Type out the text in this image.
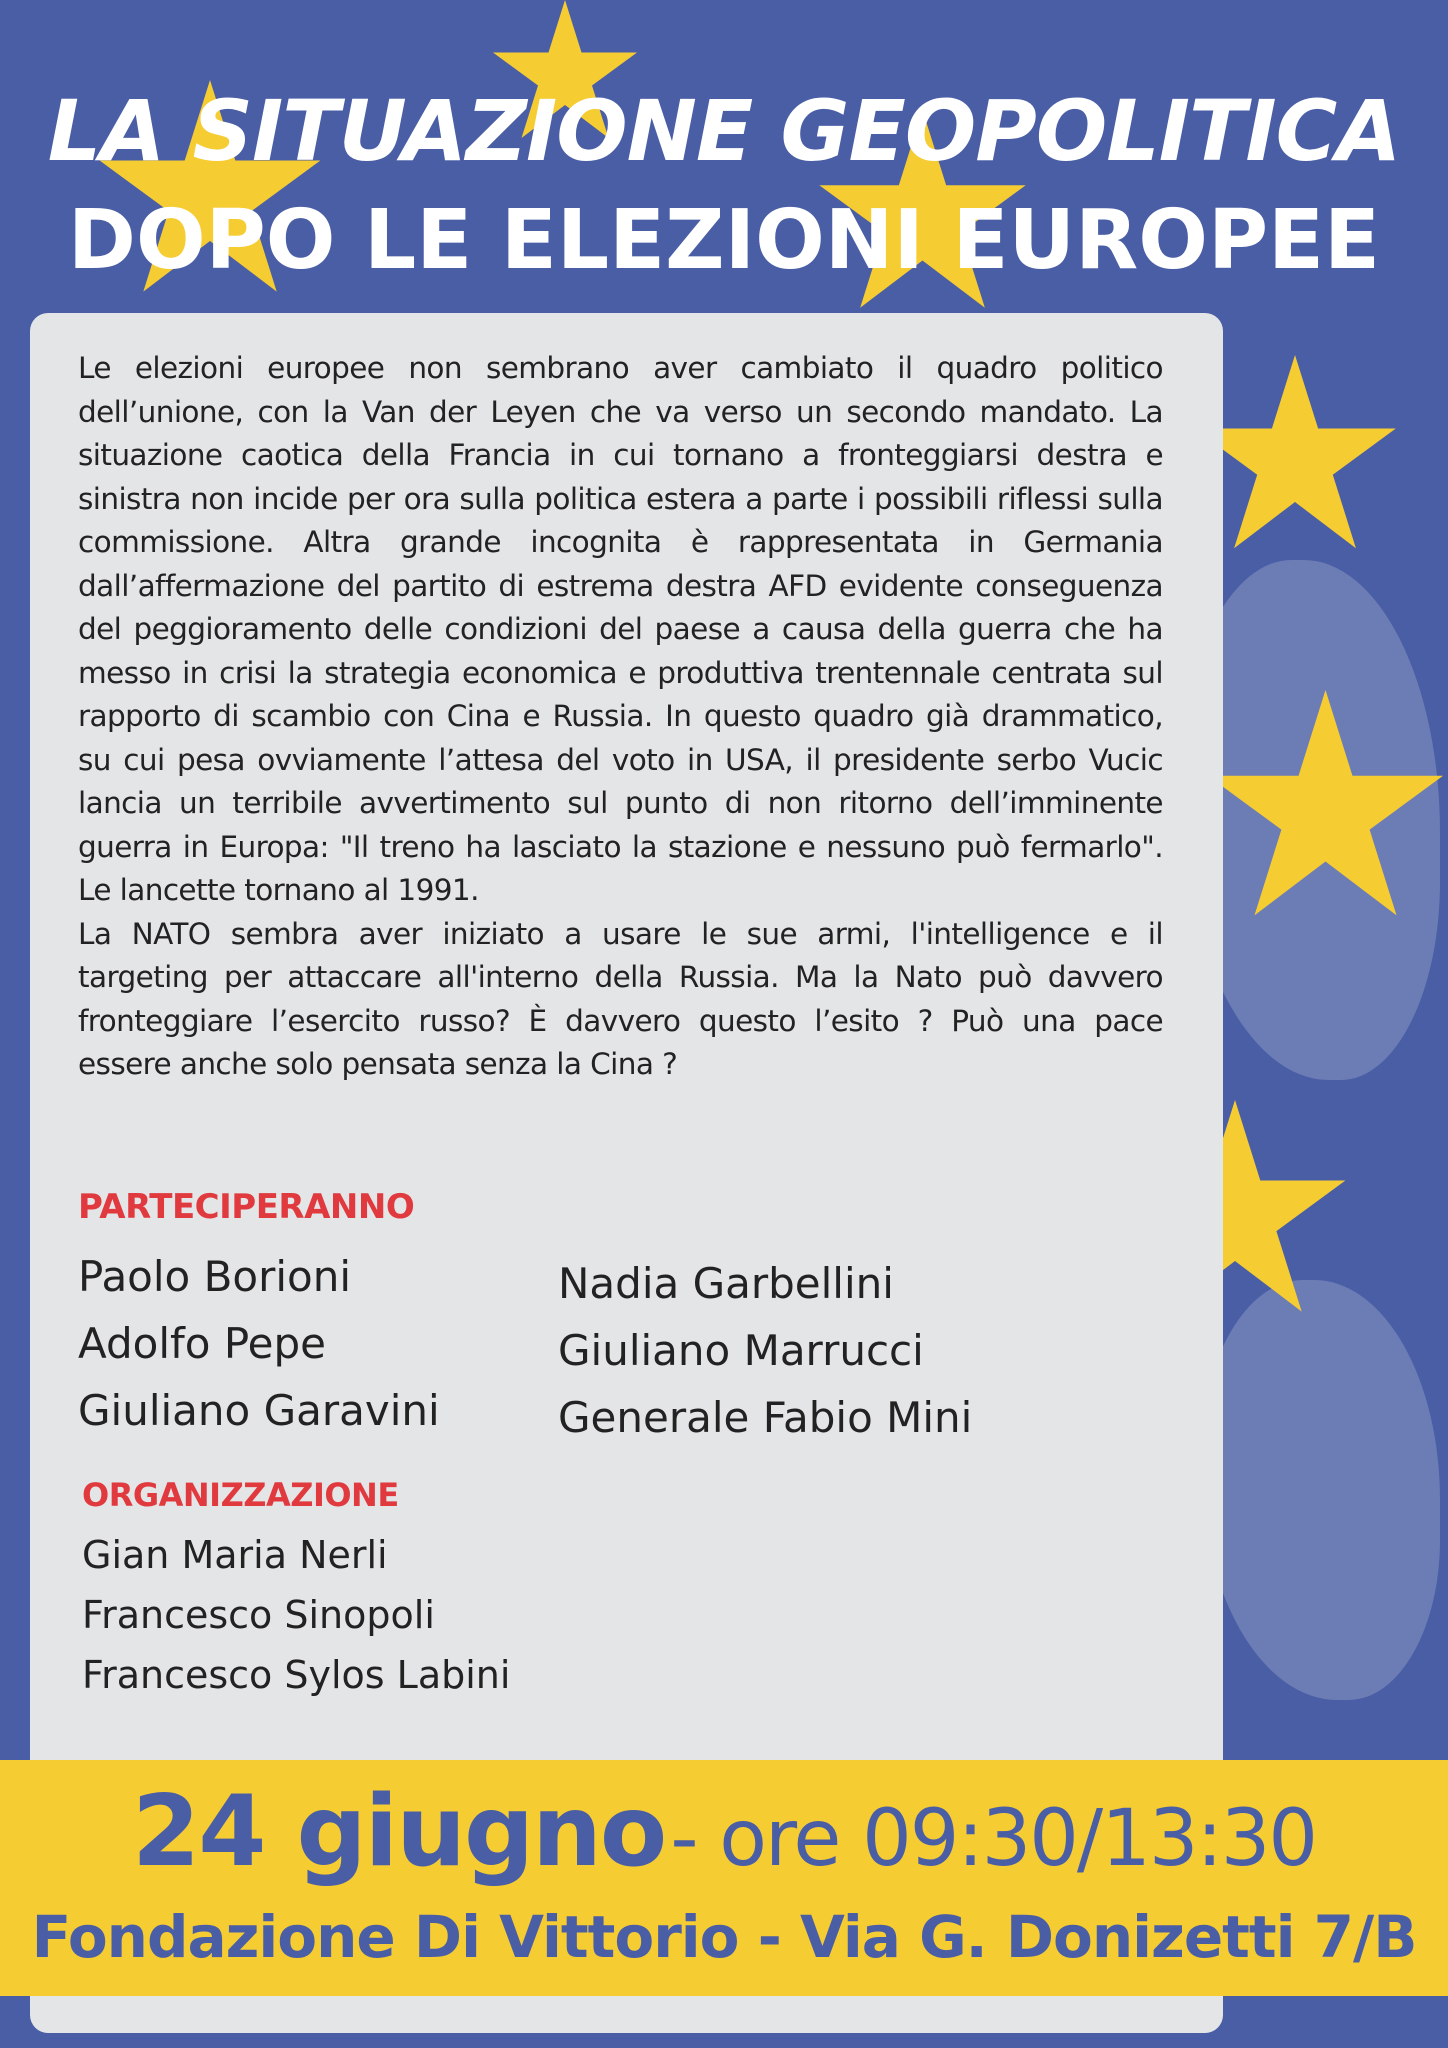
LA SITUAZIONE GEOPOLITICA
DOPO LE ELEZIONI EUROPEE

Le elezioni europee non sembrano aver cambiato il quadro politico dell’unione, con la Van der Leyen che va verso un secondo mandato. La situazione caotica della Francia in cui tornano a fronteggiarsi destra e sinistra non incide per ora sulla politica estera a parte i possibili riflessi sulla commissione. Altra grande incognita è rappresentata in Germania dall’affermazione del partito di estrema destra AFD evidente conseguenza del peggioramento delle condizioni del paese a causa della guerra che ha messo in crisi la strategia economica e produttiva trentennale centrata sul rapporto di scambio con Cina e Russia. In questo quadro già drammatico, su cui pesa ovviamente l’attesa del voto in USA, il presidente serbo Vucic lancia un terribile avvertimento sul punto di non ritorno dell’imminente guerra in Europa: "Il treno ha lasciato la stazione e nessuno può fermarlo". Le lancette tornano al 1991.

La NATO sembra aver iniziato a usare le sue armi, l'intelligence e il targeting per attaccare all'interno della Russia. Ma la Nato può davvero fronteggiare l’esercito russo? È davvero questo l’esito ? Può una pace essere anche solo pensata senza la Cina ?

PARTECIPERANNO
Paolo Borioni
Adolfo Pepe
Giuliano Garavini
Nadia Garbellini
Giuliano Marrucci
Generale Fabio Mini
ORGANIZZAZIONE
Gian Maria Nerli
Francesco Sinopoli
Francesco Sylos Labini
24 giugno - ore 09:30/13:30
Fondazione Di Vittorio - Via G. Donizetti 7/B
